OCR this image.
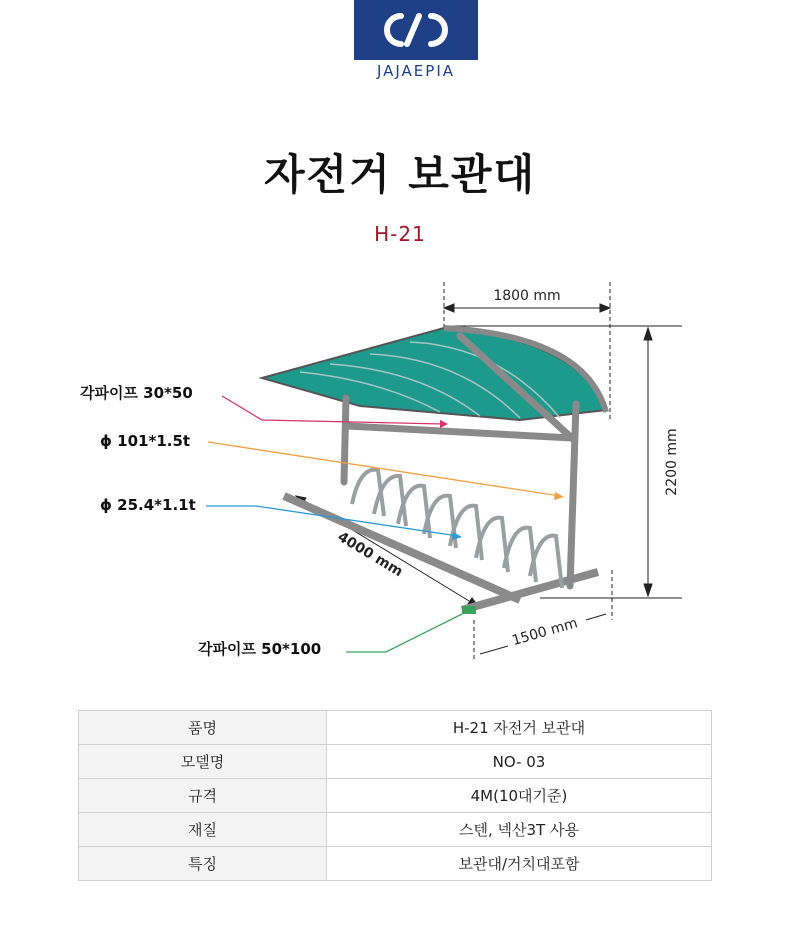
JAJAEPIA
자전거 보관대
H-21
1800 mm
2200 mm
4000 mm
1500 mm
각파이프 30*50
ϕ 101*1.5t
ϕ 25.4*1.1t
각파이프 50*100
품명	H-21 자전거 보관대
모델명	NO- 03
규격	4M(10대기준)
재질	스텐, 넥산3T 사용
특징	보관대/거치대포함
